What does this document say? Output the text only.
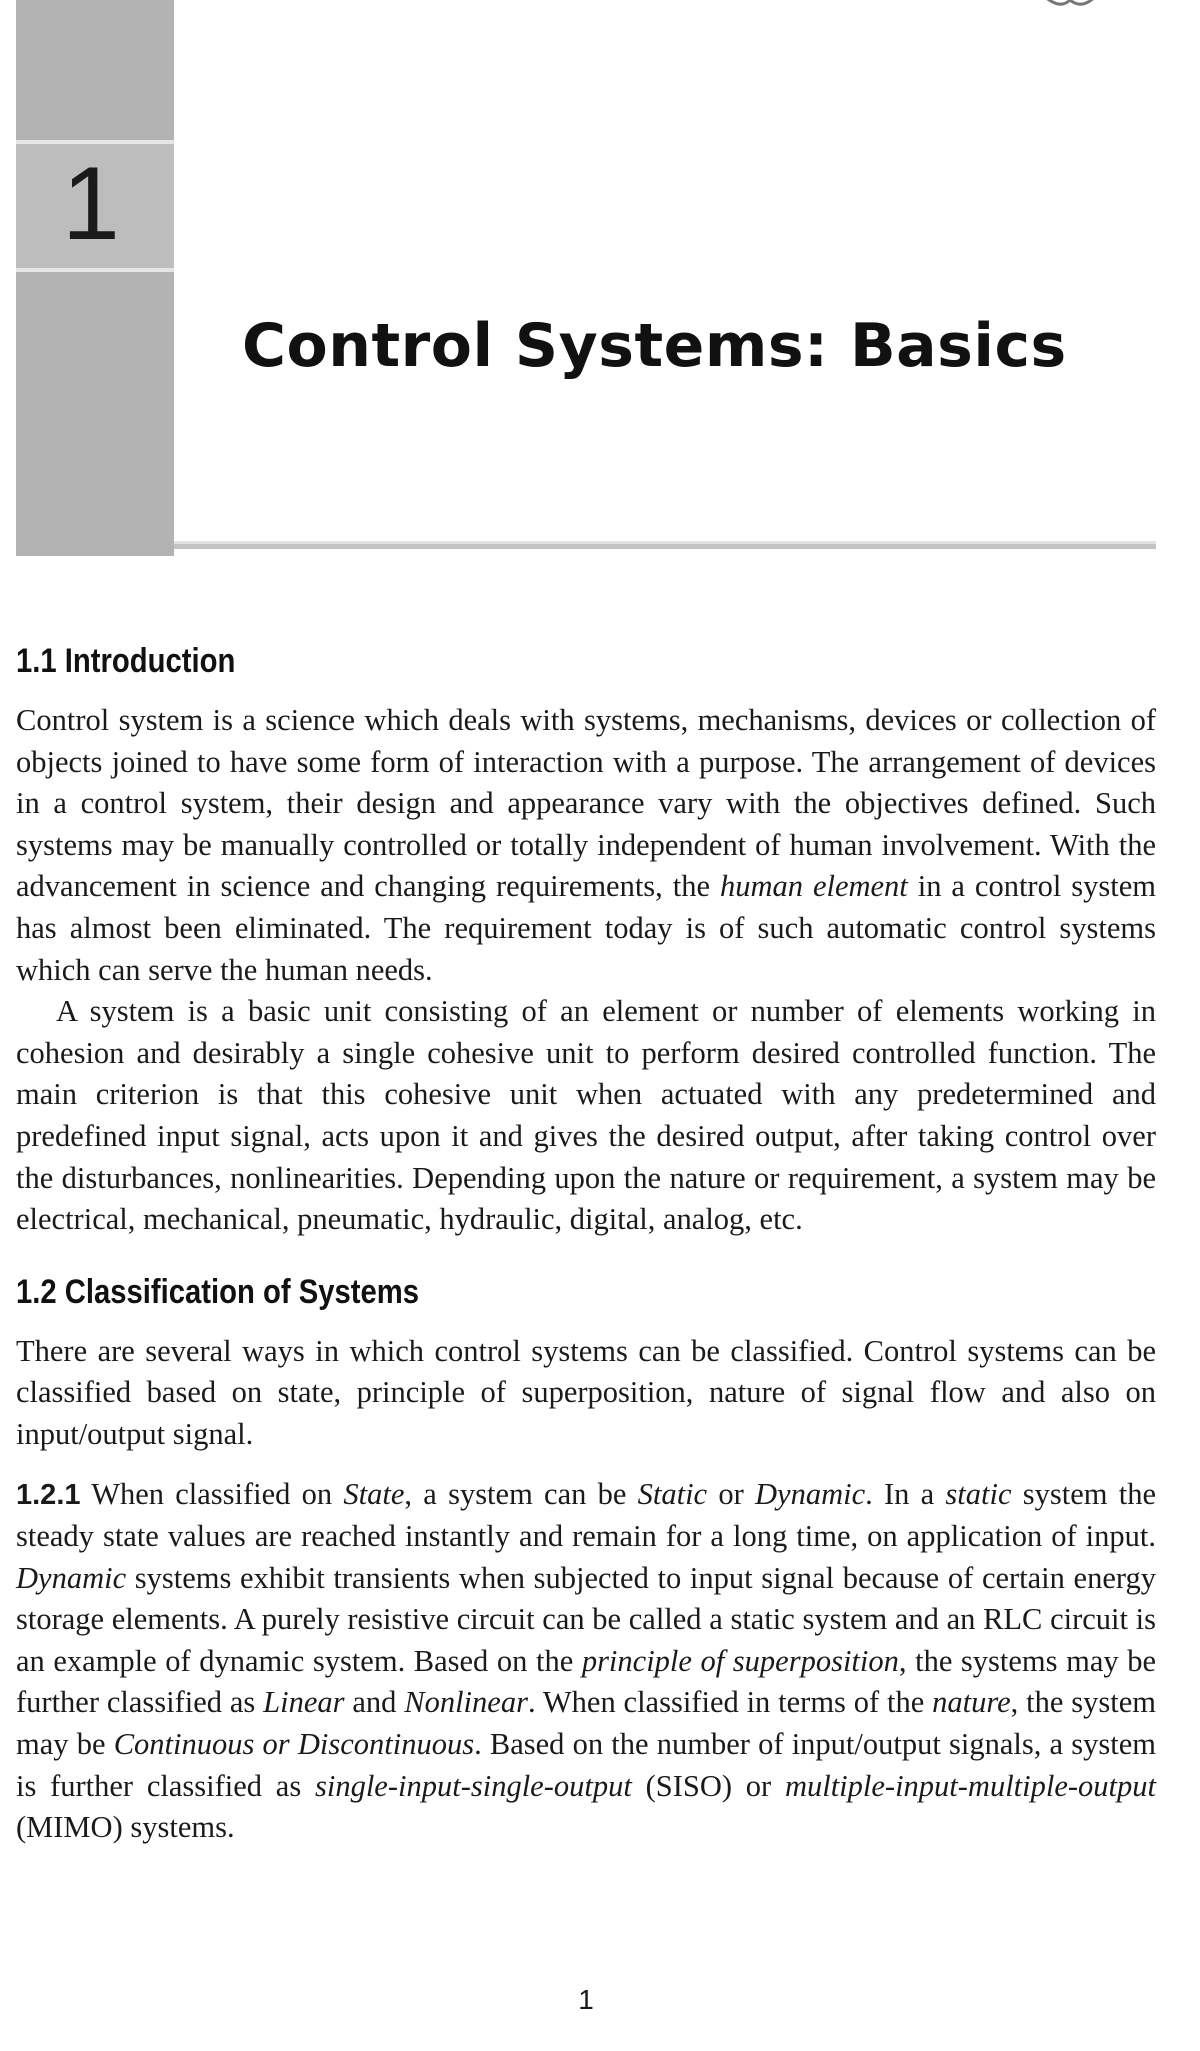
1
Control Systems: Basics
1.1 Introduction

Control system is a science which deals with systems, mechanisms, devices or collection of objects joined to have some form of interaction with a purpose. The arrangement of devices in a control system, their design and appearance vary with the objectives defined. Such systems may be manually controlled or totally independent of human involvement. With the advancement in science and changing requirements, the human element in a control system has almost been eliminated. The requirement today is of such automatic control systems which can serve the human needs.

A system is a basic unit consisting of an element or number of elements working in cohesion and desirably a single cohesive unit to perform desired controlled function. The main criterion is that this cohesive unit when actuated with any predetermined and predefined input signal, acts upon it and gives the desired output, after taking control over the disturbances, nonlinearities. Depending upon the nature or requirement, a system may be electrical, mechanical, pneumatic, hydraulic, digital, analog, etc.

1.2 Classification of Systems

There are several ways in which control systems can be classified. Control systems can be classified based on state, principle of superposition, nature of signal flow and also on input/output signal.

1.2.1 When classified on State, a system can be Static or Dynamic. In a static system the steady state values are reached instantly and remain for a long time, on application of input. Dynamic systems exhibit transients when subjected to input signal because of certain energy storage elements. A purely resistive circuit can be called a static system and an RLC circuit is an example of dynamic system. Based on the principle of superposition, the systems may be further classified as Linear and Nonlinear. When classified in terms of the nature, the system may be Continuous or Discontinuous. Based on the number of input/output signals, a system is further classified as single-input-single-output (SISO) or multiple-input-multiple-output (MIMO) systems.

1
